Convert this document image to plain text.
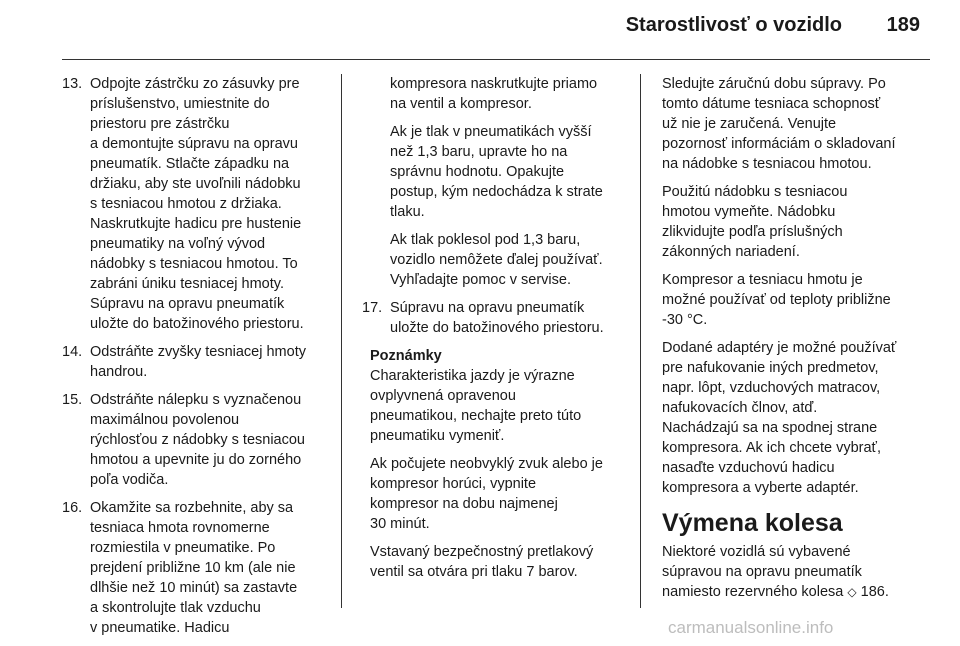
Starostlivosť o vozidlo 189
13. Odpojte zástrčku zo zásuvky pre
príslušenstvo, umiestnite do
priestoru pre zástrčku
a demontujte súpravu na opravu
pneumatík. Stlačte západku na
držiaku, aby ste uvoľnili nádobku
s tesniacou hmotou z držiaka.
Naskrutkujte hadicu pre hustenie
pneumatiky na voľný vývod
nádobky s tesniacou hmotou. To
zabráni úniku tesniacej hmoty.
Súpravu na opravu pneumatík
uložte do batožinového priestoru.
14. Odstráňte zvyšky tesniacej hmoty
handrou.
15. Odstráňte nálepku s vyznačenou
maximálnou povolenou
rýchlosťou z nádobky s tesniacou
hmotou a upevnite ju do zorného
poľa vodiča.
16. Okamžite sa rozbehnite, aby sa
tesniaca hmota rovnomerne
rozmiestila v pneumatike. Po
prejdení približne 10 km (ale nie
dlhšie než 10 minút) sa zastavte
a skontrolujte tlak vzduchu
v pneumatike. Hadicu
kompresora naskrutkujte priamo
na ventil a kompresor.
Ak je tlak v pneumatikách vyšší
než 1,3 baru, upravte ho na
správnu hodnotu. Opakujte
postup, kým nedochádza k strate
tlaku.
Ak tlak poklesol pod 1,3 baru,
vozidlo nemôžete ďalej používať.
Vyhľadajte pomoc v servise.
17. Súpravu na opravu pneumatík
uložte do batožinového priestoru.
Poznámky
Charakteristika jazdy je výrazne
ovplyvnená opravenou
pneumatikou, nechajte preto túto
pneumatiku vymeniť.
Ak počujete neobvyklý zvuk alebo je
kompresor horúci, vypnite
kompresor na dobu najmenej
30 minút.
Vstavaný bezpečnostný pretlakový
ventil sa otvára pri tlaku 7 barov.
Sledujte záručnú dobu súpravy. Po
tomto dátume tesniaca schopnosť
už nie je zaručená. Venujte
pozornosť informáciám o skladovaní
na nádobke s tesniacou hmotou.
Použitú nádobku s tesniacou
hmotou vymeňte. Nádobku
zlikvidujte podľa príslušných
zákonných nariadení.
Kompresor a tesniacu hmotu je
možné používať od teploty približne
-30 °C.
Dodané adaptéry je možné používať
pre nafukovanie iných predmetov,
napr. lôpt, vzduchových matracov,
nafukovacích člnov, atď.
Nachádzajú sa na spodnej strane
kompresora. Ak ich chcete vybrať,
nasaďte vzduchovú hadicu
kompresora a vyberte adaptér.
Výmena kolesa
Niektoré vozidlá sú vybavené
súpravou na opravu pneumatík
namiesto rezervného kolesa ◇ 186.
carmanualsonline.info
